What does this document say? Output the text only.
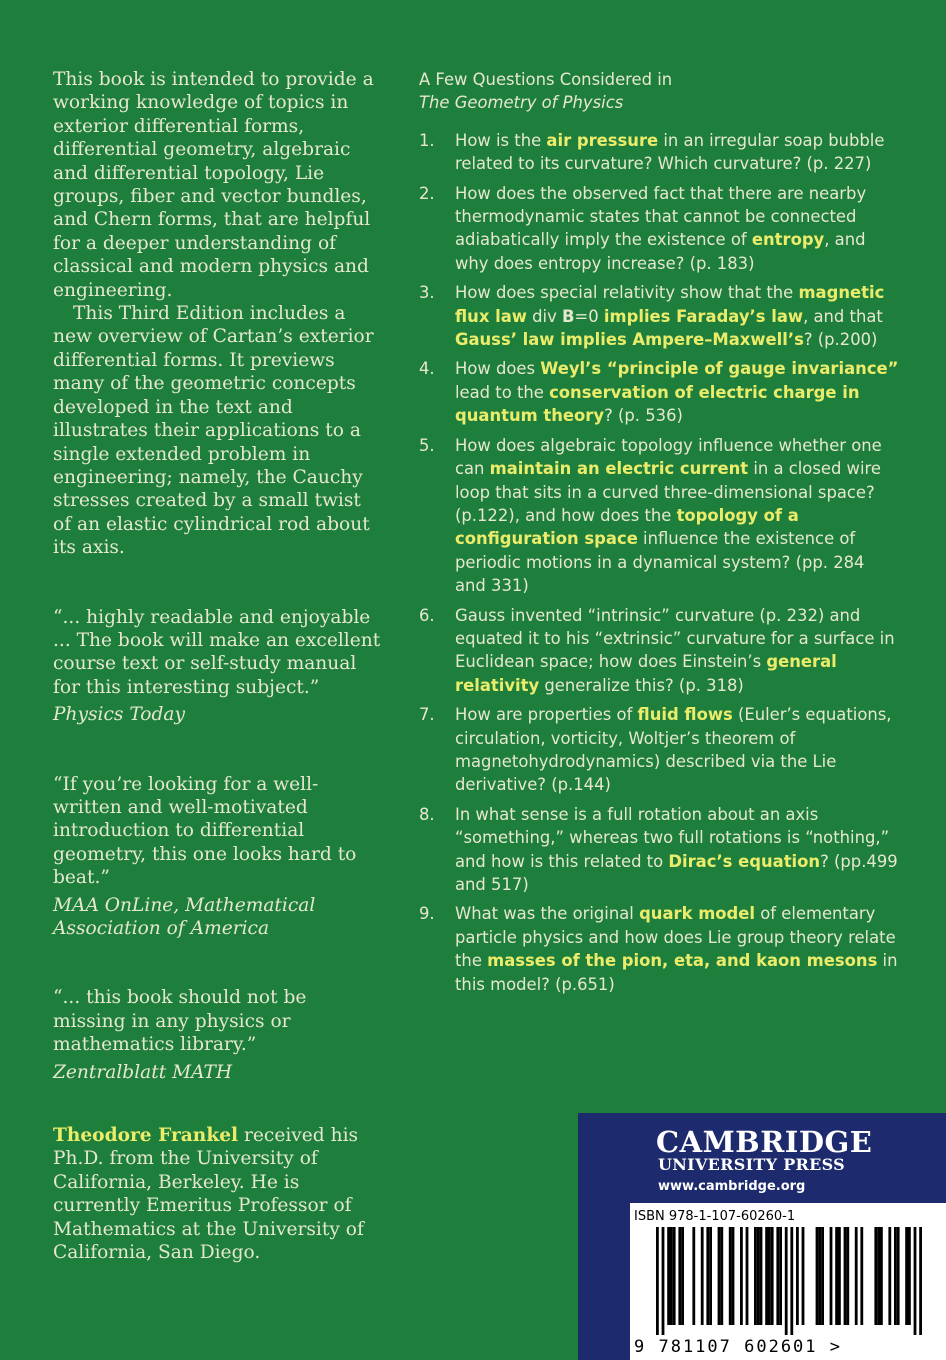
This book is intended to provide a working knowledge of topics in exterior differential forms, differential geometry, algebraic and differential topology, Lie groups, fiber and vector bundles, and Chern forms, that are helpful for a deeper understanding of classical and modern physics and engineering.

This Third Edition includes a new overview of Cartan’s exterior differential forms. It previews many of the geometric concepts developed in the text and illustrates their applications to a single extended problem in engineering; namely, the Cauchy stresses created by a small twist of an elastic cylindrical rod about its axis.

“... highly readable and enjoyable ... The book will make an excellent course text or self-study manual for this interesting subject.”

Physics Today

“If you’re looking for a well-written and well-motivated introduction to differential geometry, this one looks hard to beat.”

MAA OnLine, Mathematical Association of America

“... this book should not be missing in any physics or mathematics library.”

Zentralblatt MATH

Theodore Frankel received his Ph.D. from the University of California, Berkeley. He is currently Emeritus Professor of Mathematics at the University of California, San Diego.

A Few Questions Considered in
The Geometry of Physics
1.	How is the air pressure in an irregular soap bubble related to its curvature? Which curvature? (p. 227)
2.	How does the observed fact that there are nearby thermodynamic states that cannot be connected adiabatically imply the existence of entropy, and why does entropy increase? (p. 183)
3.	How does special relativity show that the magnetic flux law div B=0 implies Faraday’s law, and that Gauss’ law implies Ampere–Maxwell’s? (p.200)
4.	How does Weyl’s “principle of gauge invariance” lead to the conservation of electric charge in quantum theory? (p. 536)
5.	How does algebraic topology influence whether one can maintain an electric current in a closed wire loop that sits in a curved three-dimensional space? (p.122), and how does the topology of a configuration space influence the existence of periodic motions in a dynamical system? (pp. 284 and 331)
6.	Gauss invented “intrinsic” curvature (p. 232) and equated it to his “extrinsic” curvature for a surface in Euclidean space; how does Einstein’s general relativity generalize this? (p. 318)
7.	How are properties of fluid flows (Euler’s equations, circulation, vorticity, Woltjer’s theorem of magnetohydrodynamics) described via the Lie derivative? (p.144)
8.	In what sense is a full rotation about an axis “something,” whereas two full rotations is “nothing,” and how is this related to Dirac’s equation? (pp.499 and 517)
9.	What was the original quark model of elementary particle physics and how does Lie group theory relate the masses of the pion, eta, and kaon mesons in this model? (p.651)
CAMBRIDGE
UNIVERSITY PRESS
www.cambridge.org
ISBN 978-1-107-60260-1
9 781107 602601 >
